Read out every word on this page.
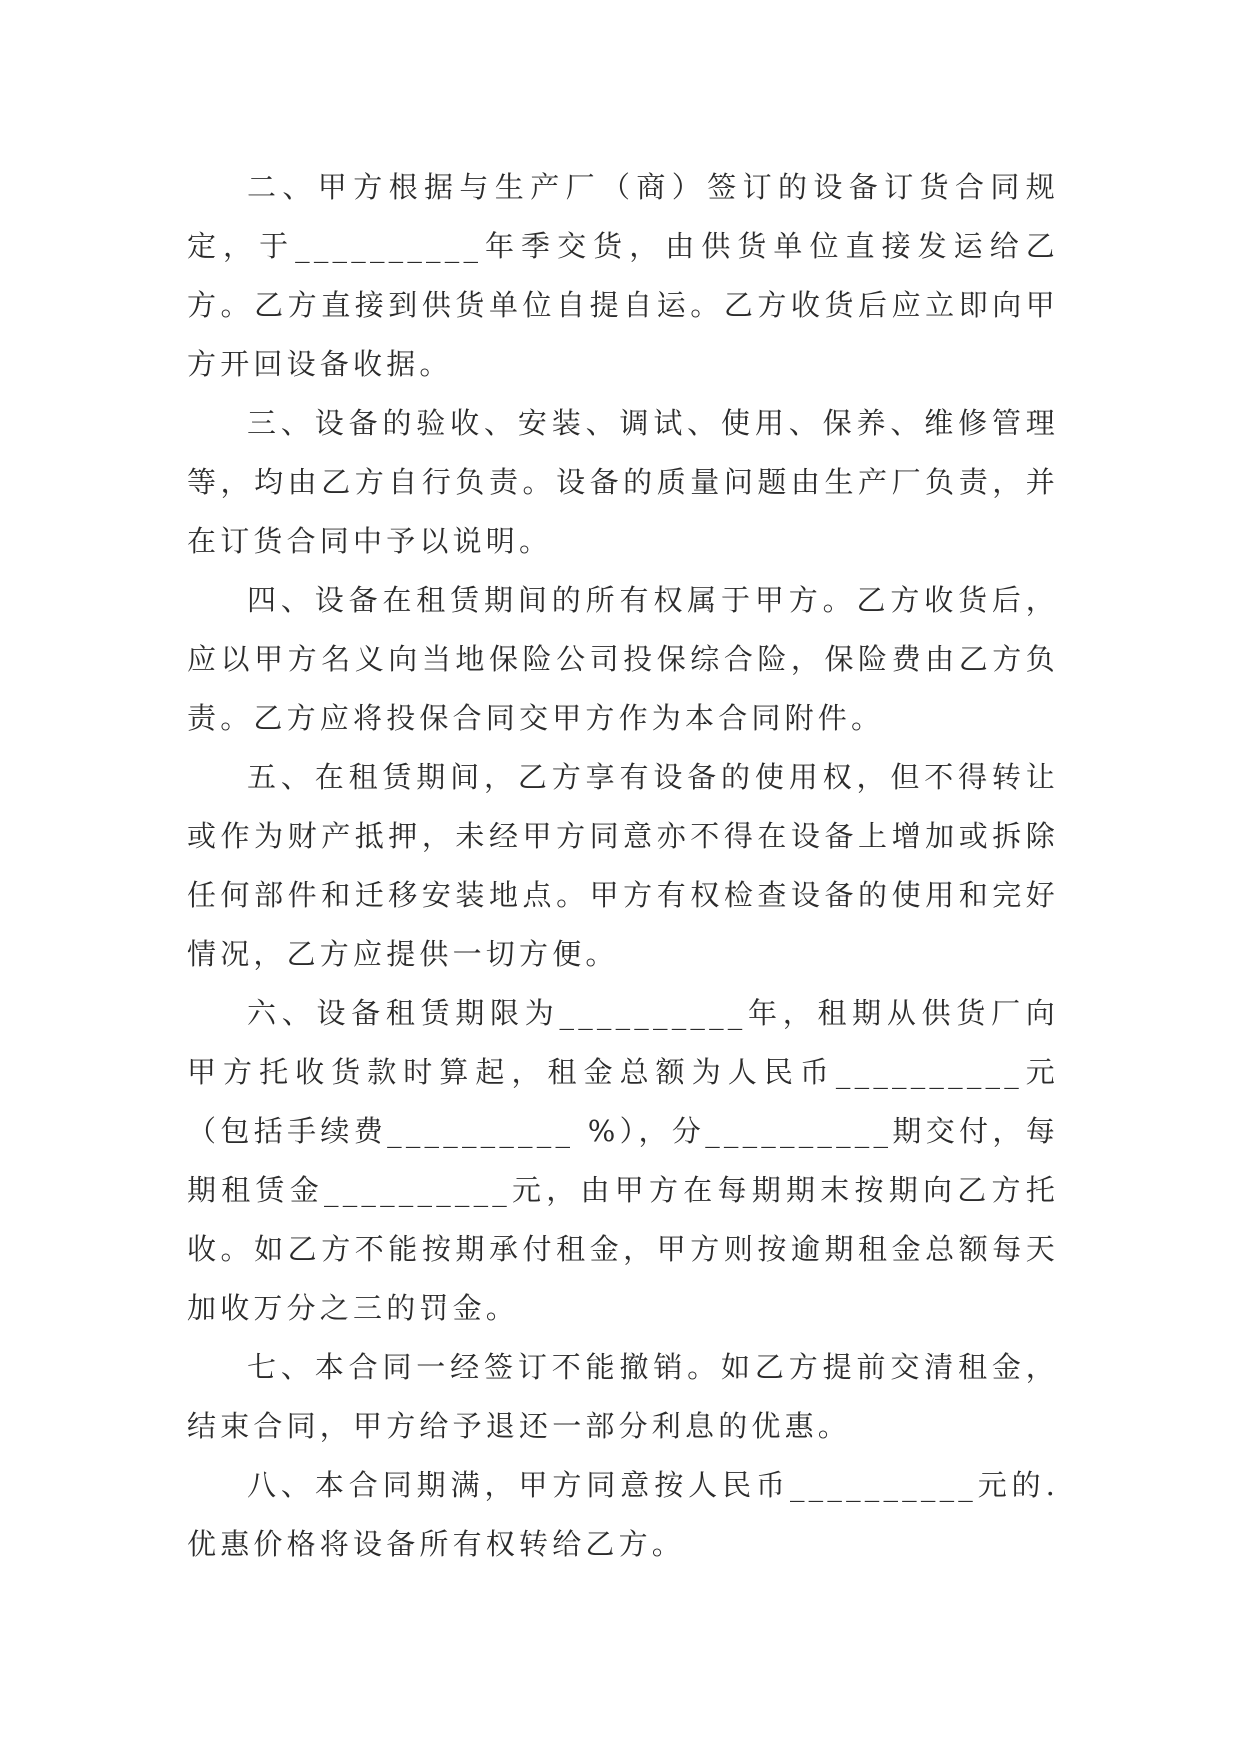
二、甲方根据与生产厂（商）签订的设备订货合同规定，于__________年季交货，由供货单位直接发运给乙方。乙方直接到供货单位自提自运。乙方收货后应立即向甲方开回设备收据。

三、设备的验收、安装、调试、使用、保养、维修管理等，均由乙方自行负责。设备的质量问题由生产厂负责，并在订货合同中予以说明。

四、设备在租赁期间的所有权属于甲方。乙方收货后，应以甲方名义向当地保险公司投保综合险，保险费由乙方负责。乙方应将投保合同交甲方作为本合同附件。

五、在租赁期间，乙方享有设备的使用权，但不得转让或作为财产抵押，未经甲方同意亦不得在设备上增加或拆除任何部件和迁移安装地点。甲方有权检查设备的使用和完好情况，乙方应提供一切方便。

六、设备租赁期限为__________年，租期从供货厂向甲方托收货款时算起，租金总额为人民币__________元（包括手续费__________ %），分__________期交付，每期租赁金__________元，由甲方在每期期末按期向乙方托收。如乙方不能按期承付租金，甲方则按逾期租金总额每天加收万分之三的罚金。

七、本合同一经签订不能撤销。如乙方提前交清租金，结束合同，甲方给予退还一部分利息的优惠。

八、本合同期满，甲方同意按人民币__________元的.优惠价格将设备所有权转给乙方。
